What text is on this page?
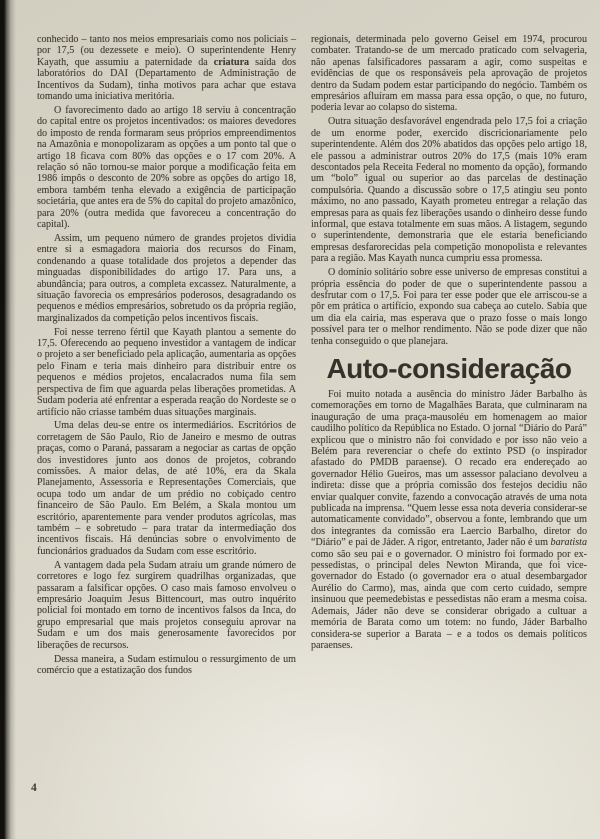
conhecido – tanto nos meios empresariais como nos policiais – por 17,5 (ou dezessete e meio). O superintendente Henry Kayath, que assumiu a paternidade da criatura saída dos laboratórios do DAI (Departamento de Administração de Incentivos da Sudam), tinha motivos para achar que estava tomando uma iniciativa meritória.

O favorecimento dado ao artigo 18 serviu à concentração do capital entre os projetos incentivados: os maiores devedores do imposto de renda formaram seus próprios empreendimentos na Amazônia e monopolizaram as opções a um ponto tal que o artigo 18 ficava com 80% das opções e o 17 com 20%. A relação só não tornou-se maior porque a modificação feita em 1986 impôs o desconto de 20% sobre as opções do artigo 18, embora também tenha elevado a exigência de participação societária, que antes era de 5% do capital do projeto amazônico, para 20% (outra medida que favoreceu a concentração do capital).

Assim, um pequeno número de grandes projetos dividia entre si a esmagadora maioria dos recursos do Finam, condenando a quase totalidade dos projetos a depender das minguadas disponibilidades do artigo 17. Para uns, a abundância; para outros, a completa excassez. Naturalmente, a situação favorecia os empresários poderosos, desagradando os pequenos e médios empresários, sobretudo os da própria região, marginalizados da competição pelos incentivos fiscais.

Foi nesse terreno fértil que Kayath plantou a semente do 17,5. Oferecendo ao pequeno investidor a vantagem de indicar o projeto a ser beneficiado pela aplicação, aumentaria as opções pelo Finam e teria mais dinheiro para distribuir entre os pequenos e médios projetos, encalacrados numa fila sem perspectiva de fim que aguarda pelas liberações prometidas. A Sudam poderia até enfrentar a esperada reação do Nordeste se o artifício não criasse também duas situações marginais.

Uma delas deu-se entre os intermediários. Escritórios de corretagem de São Paulo, Rio de Janeiro e mesmo de outras praças, como o Paraná, passaram a negociar as cartas de opção dos investidores junto aos donos de projetos, cobrando comissões. A maior delas, de até 10%, era da Skala Planejamento, Assessoria e Representações Comerciais, que ocupa todo um andar de um prédio no cobiçado centro financeiro de São Paulo. Em Belém, a Skala montou um escritório, aparentemente para vender produtos agrícolas, mas também – e sobretudo – para tratar da intermediação dos incentivos fiscais. Há denúncias sobre o envolvimento de funcionários graduados da Sudam com esse escritório.

A vantagem dada pela Sudam atraiu um grande número de corretores e logo fez surgirem quadrilhas organizadas, que passaram a falsificar opções. O caso mais famoso envolveu o empresário Joaquim Jesus Bittencourt, mas outro inquérito policial foi montado em torno de incentivos falsos da Inca, do grupo empresarial que mais projetos conseguiu aprovar na Sudam e um dos mais generosamente favorecidos por liberações de recursos.

Dessa maneira, a Sudam estimulou o ressurgimento de um comércio que a estatização dos fundos

regionais, determinada pelo governo Geisel em 1974, procurou combater. Tratando-se de um mercado praticado com selvageria, não apenas falsificadores passaram a agir, como suspeitas e evidências de que os responsáveis pela aprovação de projetos dentro da Sudam podem estar participando do negócio. Também os empresários afluíram em massa para essa opção, o que, no futuro, poderia levar ao colapso do sistema.

Outra situação desfavorável engendrada pelo 17,5 foi a criação de um enorme poder, exercido discricionariamente pelo superintendente. Além dos 20% abatidos das opções pelo artigo 18, ele passou a administrar outros 20% do 17,5 (mais 10% eram descontados pela Receita Federal no momento da opção), formando um “bolo” igual ou superior ao das parcelas de destinação compulsória. Quando a discussão sobre o 17,5 atingiu seu ponto máximo, no ano passado, Kayath prometeu entregar a relação das empresas para as quais fez liberações usando o dinheiro desse fundo informal, que estava totalmente em suas mãos. A listagem, segundo o superintendente, demonstraria que ele estaria beneficiando empresas desfarorecidas pela competição monopolista e relevantes para a região. Mas Kayath nunca cumpriu essa promessa.

O domínio solitário sobre esse universo de empresas constitui a própria essência do poder de que o superintendente passou a desfrutar com o 17,5. Foi para ter esse poder que ele arriscou-se a pôr em prática o artifício, expondo sua cabeça ao cutelo. Sabia que um dia ela cairia, mas esperava que o prazo fosse o mais longo possível para ter o melhor rendimento. Não se pode dizer que não tenha conseguido o que planejara.

Auto-consideração

Foi muito notada a ausência do ministro Jáder Barbalho às comemorações em torno de Magalhães Barata, que culminaram na inauguração de uma praça-mausoléu em homenagem ao maior caudilho político da República no Estado. O jornal “Diário do Pará” explicou que o ministro não foi convidado e por isso não veio a Belém para reverenciar o chefe do extinto PSD (o inspirador afastado do PMDB paraense). O recado era endereçado ao governador Hélio Gueiros, mas um assessor palaciano devolveu a indireta: disse que a própria comissão dos festejos decidiu não enviar qualquer convite, fazendo a convocação através de uma nota publicada na imprensa. “Quem lesse essa nota deveria considerar-se automaticamente convidado”, observou a fonte, lembrando que um dos integrantes da comissão era Laercio Barbalho, diretor do “Diário” e pai de Jáder. A rigor, entretanto, Jader não é um baratista como são seu pai e o governador. O ministro foi formado por ex-pessedistas, o principal deles Newton Miranda, que foi vice-governador do Estado (o governador era o atual desembargador Aurélio do Carmo), mas, ainda que com certo cuidado, sempre insinuou que peemedebistas e pessedistas não eram a mesma coisa. Ademais, Jáder não deve se considerar obrigado a cultuar a memória de Barata como um totem: no fundo, Jáder Barbalho considera-se superior a Barata – e a todos os demais políticos paraenses.

4
